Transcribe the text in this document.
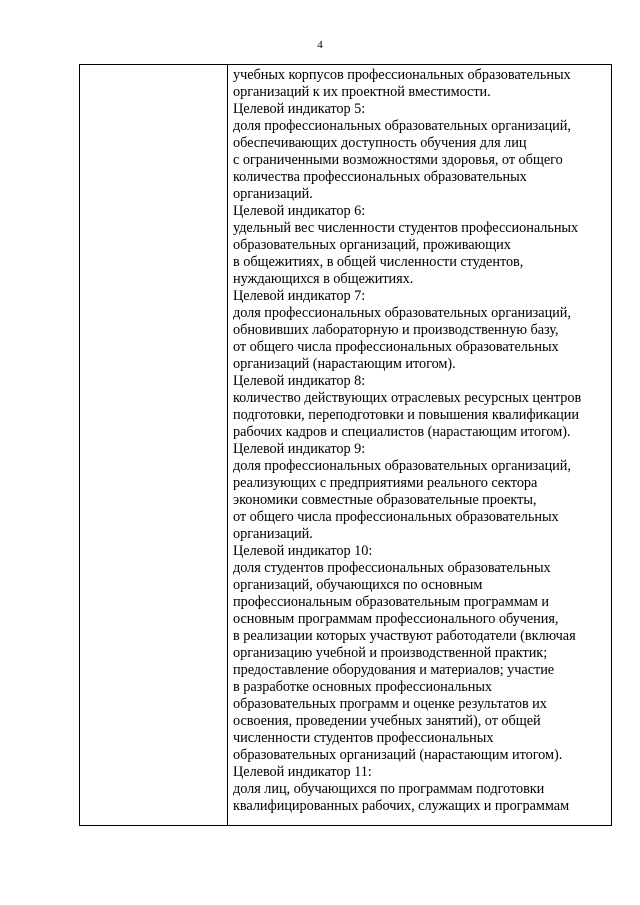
4

учебных корпусов профессиональных образовательных
организаций к их проектной вместимости.
Целевой индикатор 5:
доля профессиональных образовательных организаций,
обеспечивающих доступность обучения для лиц
с ограниченными возможностями здоровья, от общего
количества профессиональных образовательных
организаций.
Целевой индикатор 6:
удельный вес численности студентов профессиональных
образовательных организаций, проживающих
в общежитиях, в общей численности студентов,
нуждающихся в общежитиях.
Целевой индикатор 7:
доля профессиональных образовательных организаций,
обновивших лабораторную и производственную базу,
от общего числа профессиональных образовательных
организаций (нарастающим итогом).
Целевой индикатор 8:
количество действующих отраслевых ресурсных центров
подготовки, переподготовки и повышения квалификации
рабочих кадров и специалистов (нарастающим итогом).
Целевой индикатор 9:
доля профессиональных образовательных организаций,
реализующих с предприятиями реального сектора
экономики совместные образовательные проекты,
от общего числа профессиональных образовательных
организаций.
Целевой индикатор 10:
доля студентов профессиональных образовательных
организаций, обучающихся по основным
профессиональным образовательным программам и
основным программам профессионального обучения,
в реализации которых участвуют работодатели (включая
организацию учебной и производственной практик;
предоставление оборудования и материалов; участие
в разработке основных профессиональных
образовательных программ и оценке результатов их
освоения, проведении учебных занятий), от общей
численности студентов профессиональных
образовательных организаций (нарастающим итогом).
Целевой индикатор 11:
доля лиц, обучающихся по программам подготовки
квалифицированных рабочих, служащих и программам
